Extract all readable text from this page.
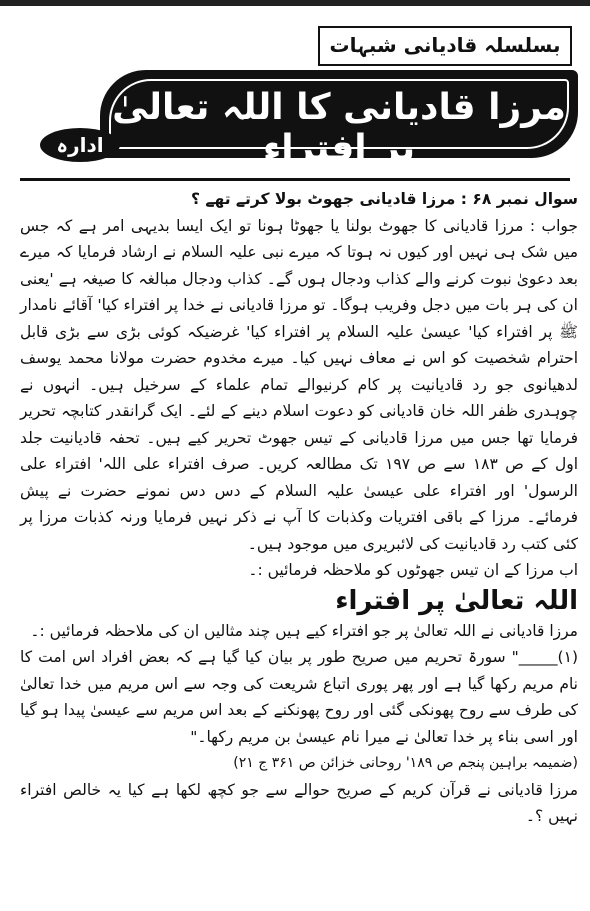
بسلسلہ قادیانی شبہات
مرزا قادیانی کا اللہ تعالیٰ پر افتراء
ادارہ

سوال نمبر ۶۸ : مرزا قادیانی جھوٹ بولا کرتے تھے ؟

جواب : مرزا قادیانی کا جھوٹ بولنا یا جھوٹا ہونا تو ایک ایسا بدیہی امر ہے کہ جس میں شک ہی نہیں اور کیوں نہ ہوتا کہ میرے نبی علیہ السلام نے ارشاد فرمایا کہ میرے بعد دعویٰ نبوت کرنے والے کذاب ودجال ہوں گے۔ کذاب ودجال مبالغہ کا صیغہ ہے 'یعنی ان کی ہر بات میں دجل وفریب ہوگا۔ تو مرزا قادیانی نے خدا پر افتراء کیا' آقائے نامدار ﷺ پر افتراء کیا' عیسیٰ علیہ السلام پر افتراء کیا' غرضیکہ کوئی بڑی سے بڑی قابل احترام شخصیت کو اس نے معاف نہیں کیا۔ میرے مخدوم حضرت مولانا محمد یوسف لدھیانوی جو رد قادیانیت پر کام کرنیوالے تمام علماء کے سرخیل ہیں۔ انہوں نے چوہدری ظفر اللہ خان قادیانی کو دعوت اسلام دینے کے لئے۔ ایک گرانقدر کتابچہ تحریر فرمایا تھا جس میں مرزا قادیانی کے تیس جھوٹ تحریر کیے ہیں۔ تحفہ قادیانیت جلد اول کے ص ۱۸۳ سے ص ۱۹۷ تک مطالعہ کریں۔ صرف افتراء علی اللہ' افتراء علی الرسول' اور افتراء علی عیسیٰ علیہ السلام کے دس دس نمونے حضرت نے پیش فرمائے۔ مرزا کے باقی افتریات وکذبات کا آپ نے ذکر نہیں فرمایا ورنہ کذبات مرزا پر کئی کتب رد قادیانیت کی لائبریری میں موجود ہیں۔

اب مرزا کے ان تیس جھوٹوں کو ملاحظہ فرمائیں :۔

اللہ تعالیٰ پر افتراء

مرزا قادیانی نے اللہ تعالیٰ پر جو افتراء کیے ہیں چند مثالیں ان کی ملاحظہ فرمائیں :۔

(۱)_____" سورۃ تحریم میں صریح طور پر بیان کیا گیا ہے کہ بعض افراد اس امت کا نام مریم رکھا گیا ہے اور پھر پوری اتباع شریعت کی وجہ سے اس مریم میں خدا تعالیٰ کی طرف سے روح پھونکی گئی اور روح پھونکنے کے بعد اس مریم سے عیسیٰ پیدا ہو گیا اور اسی بناء پر خدا تعالیٰ نے میرا نام عیسیٰ بن مریم رکھا۔"

(ضمیمہ براہین پنجم ص ۱۸۹' روحانی خزائن ص ۳۶۱ ج ۲۱)

مرزا قادیانی نے قرآن کریم کے صریح حوالے سے جو کچھ لکھا ہے کیا یہ خالص افتراء نہیں ؟۔
